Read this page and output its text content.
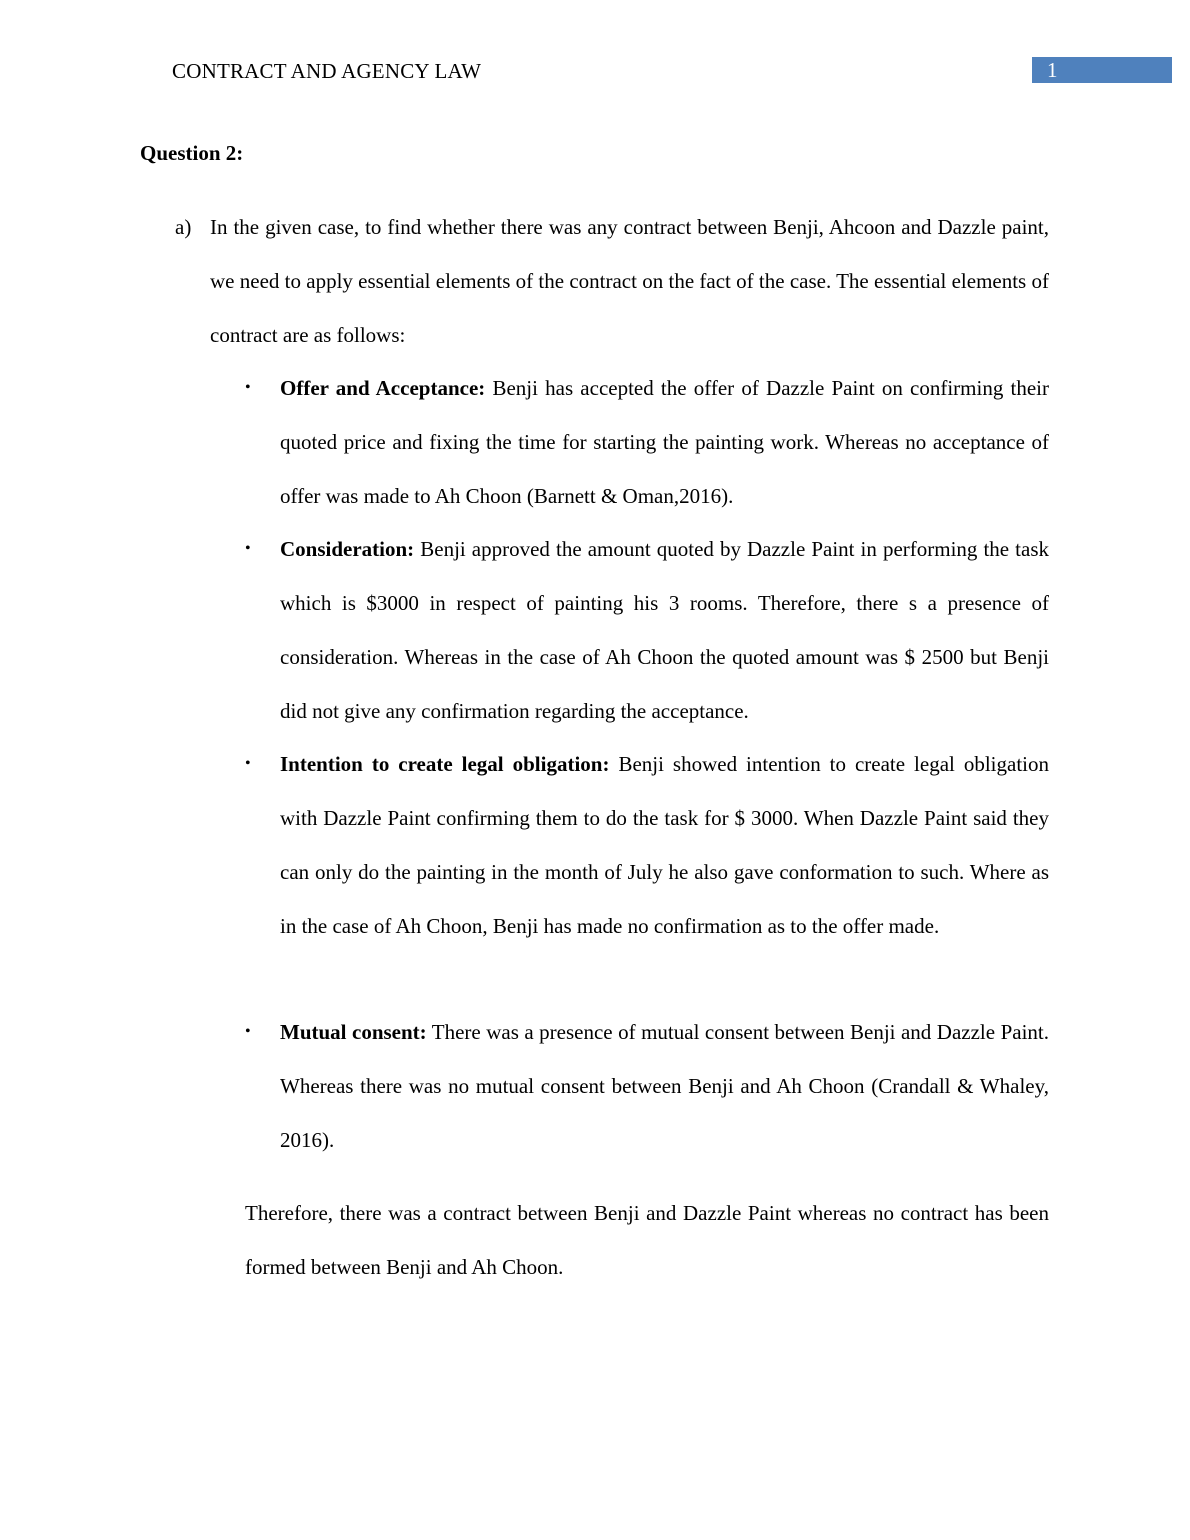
CONTRACT AND AGENCY LAW	1
Question 2:
a) In the given case, to find whether there was any contract between Benji, Ahcoon and Dazzle paint, we need to apply essential elements of the contract on the fact of the case. The essential elements of contract are as follows:

• Offer and Acceptance: Benji has accepted the offer of Dazzle Paint on confirming their quoted price and fixing the time for starting the painting work. Whereas no acceptance of offer was made to Ah Choon (Barnett & Oman,2016).

• Consideration: Benji approved the amount quoted by Dazzle Paint in performing the task which is $3000 in respect of painting his 3 rooms. Therefore, there s a presence of consideration. Whereas in the case of Ah Choon the quoted amount was $ 2500 but Benji did not give any confirmation regarding the acceptance.

• Intention to create legal obligation: Benji showed intention to create legal obligation with Dazzle Paint confirming them to do the task for $ 3000. When Dazzle Paint said they can only do the painting in the month of July he also gave conformation to such. Where as in the case of Ah Choon, Benji has made no confirmation as to the offer made.

• Mutual consent: There was a presence of mutual consent between Benji and Dazzle Paint. Whereas there was no mutual consent between Benji and Ah Choon (Crandall & Whaley, 2016).

Therefore, there was a contract between Benji and Dazzle Paint whereas no contract has been formed between Benji and Ah Choon.
